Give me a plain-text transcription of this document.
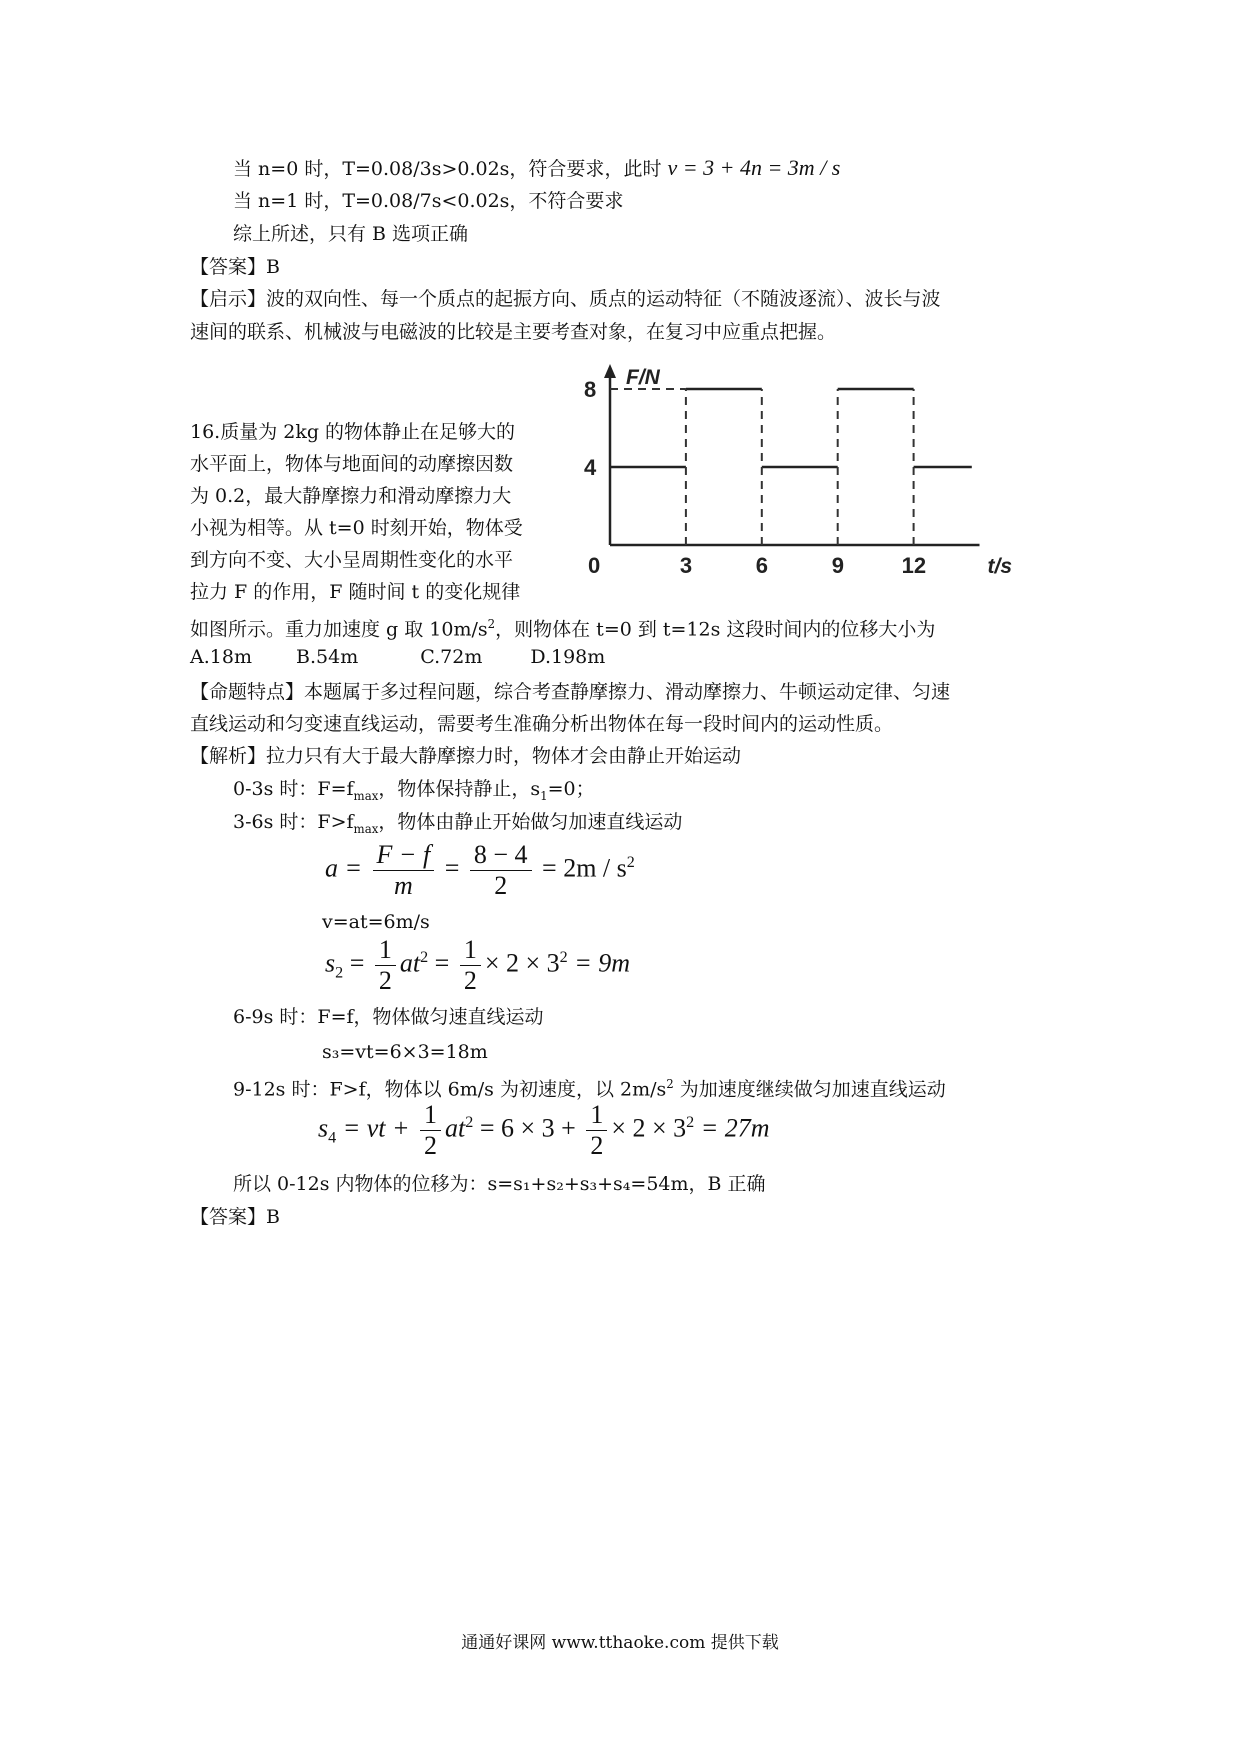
当 n=0 时，T=0.08/3s>0.02s，符合要求，此时 v = 3 + 4n = 3m / s
当 n=1 时，T=0.08/7s<0.02s，不符合要求
综上所述，只有 B 选项正确
【答案】B
【启示】波的双向性、每一个质点的起振方向、质点的运动特征（不随波逐流）、波长与波
速间的联系、机械波与电磁波的比较是主要考查对象，在复习中应重点把握。
16.质量为 2kg 的物体静止在足够大的
水平面上，物体与地面间的动摩擦因数
为 0.2，最大静摩擦力和滑动摩擦力大
小视为相等。从 t=0 时刻开始，物体受
到方向不变、大小呈周期性变化的水平
拉力 F 的作用，F 随时间 t 的变化规律
如图所示。重力加速度 g 取 $10m/s^2$，则物体在 t=0 到 t=12s 这段时间内的位移大小为
A.18m B.54m	C.72m	D.198m
F/N
t/s
4
8
0	3	6	9	12
【命题特点】本题属于多过程问题，综合考查静摩擦力、滑动摩擦力、牛顿运动定律、匀速
直线运动和匀变速直线运动，需要考生准确分析出物体在每一段时间内的运动性质。
【解析】拉力只有大于最大静摩擦力时，物体才会由静止开始运动
0-3s 时：$F=f_{max}$，物体保持静止，$s_1=0$；
3-6s 时：$F>f_{max}$，物体由静止开始做匀加速直线运动
$a = \frac{F - f}{m} = \frac{8 - 4}{2} = 2m / s^2$
v=at=6m/s
$s_2 = \frac{1}{2} at^2 = \frac{1}{2} \times 2 \times 3^2 = 9m$
6-9s 时：F=f，物体做匀速直线运动
s₃=vt=6×3=18m
9-12s 时：F>f，物体以 6m/s 为初速度，以 $2m/s^2$ 为加速度继续做匀加速直线运动
$s_4$ = vt + $\frac{1}{2} at^2 = 6 \times 3 + \frac{1}{2} \times 2 \times 3^2 = 27m$
所以 0-12s 内物体的位移为：s=s₁+s₂+s₃+s₄=54m，B 正确
【答案】B
通通好课网 www.tthaoke.com 提供下载
